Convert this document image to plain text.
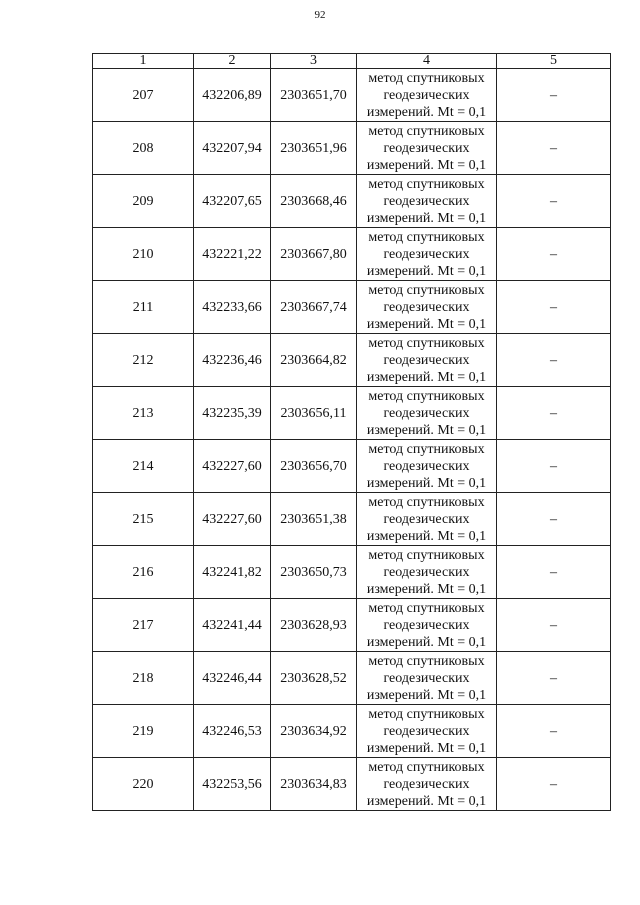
92
1	2	3	4	5
207	432206,89	2303651,70	метод спутниковых
геодезических
измерений. Mt = 0,1	–
208	432207,94	2303651,96	метод спутниковых
геодезических
измерений. Mt = 0,1	–
209	432207,65	2303668,46	метод спутниковых
геодезических
измерений. Mt = 0,1	–
210	432221,22	2303667,80	метод спутниковых
геодезических
измерений. Mt = 0,1	–
211	432233,66	2303667,74	метод спутниковых
геодезических
измерений. Mt = 0,1	–
212	432236,46	2303664,82	метод спутниковых
геодезических
измерений. Mt = 0,1	–
213	432235,39	2303656,11	метод спутниковых
геодезических
измерений. Mt = 0,1	–
214	432227,60	2303656,70	метод спутниковых
геодезических
измерений. Mt = 0,1	–
215	432227,60	2303651,38	метод спутниковых
геодезических
измерений. Mt = 0,1	–
216	432241,82	2303650,73	метод спутниковых
геодезических
измерений. Mt = 0,1	–
217	432241,44	2303628,93	метод спутниковых
геодезических
измерений. Mt = 0,1	–
218	432246,44	2303628,52	метод спутниковых
геодезических
измерений. Mt = 0,1	–
219	432246,53	2303634,92	метод спутниковых
геодезических
измерений. Mt = 0,1	–
220	432253,56	2303634,83	метод спутниковых
геодезических
измерений. Mt = 0,1	–
